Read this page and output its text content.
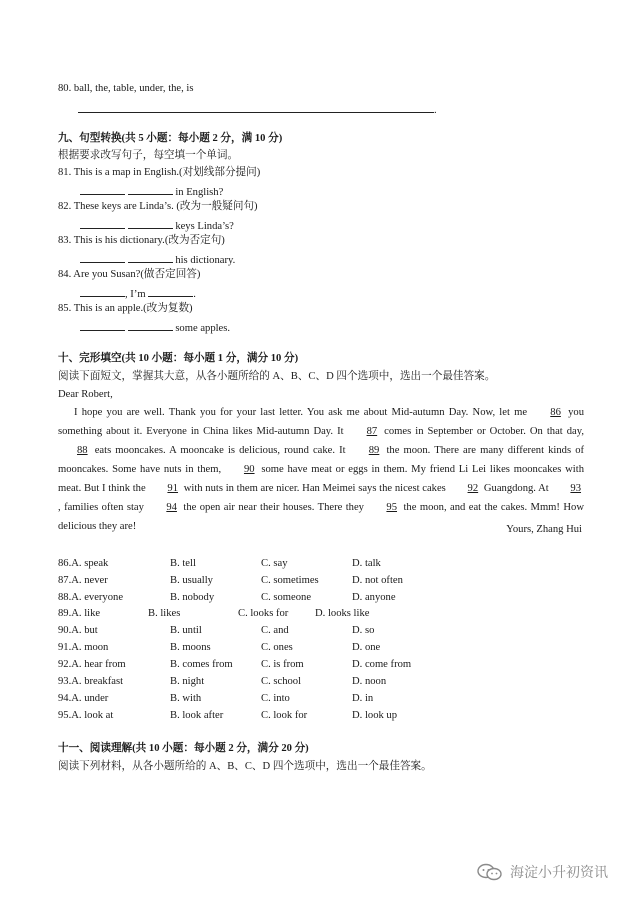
80. ball, the, table, under, the, is
.
九、句型转换(共 5 小题：每小题 2 分，满 10 分)
根据要求改写句子，每空填一个单词。
81. This is a map in English.(对划线部分提问)
in English?
82. These keys are Linda’s. (改为一般疑问句)
keys Linda’s?
83. This is his dictionary.(改为否定句)
his dictionary.
84. Are you Susan?(做否定回答)
, I’m	.
85. This is an apple.(改为复数)
some apples.
十、完形填空(共 10 小题：每小题 1 分，满分 10 分)
阅读下面短文，掌握其大意，从各小题所给的 A、B、C、D 四个选项中，选出一个最佳答案。
Dear Robert,

I hope you are well. Thank you for your last letter. You ask me about Mid-autumn Day. Now, let me 86 you something about it. Everyone in China likes Mid-autumn Day. It 87 comes in September or October. On that day, 88 eats mooncakes. A mooncake is delicious, round cake. It 89 the moon. There are many different kinds of mooncakes. Some have nuts in them, 90 some have meat or eggs in them. My friend Li Lei likes mooncakes with meat. But I think the 91 with nuts in them are nicer. Han Meimei says the nicest cakes 92 Guangdong. At 93, families often stay 94 the open air near their houses. There they 95 the moon, and eat the cakes. Mmm! How delicious they are!	Yours, Zhang Hui
86.A. speak	B. tell	C. say	D. talk
87.A. never	B. usually	C. sometimes	D. not often
88.A. everyone	B. nobody	C. someone	D. anyone
89.A. like	B. likes	C. looks for	D. looks like
90.A. but	B. until	C. and	D. so
91.A. moon	B. moons	C. ones	D. one
92.A. hear from	B. comes from	C. is from	D. come from
93.A. breakfast	B. night	C. school	D. noon
94.A. under	B. with	C. into	D. in
95.A. look at	B. look after	C. look for	D. look up
十一、阅读理解(共 10 小题：每小题 2 分，满分 20 分)
阅读下列材料，从各小题所给的 A、B、C、D 四个选项中，选出一个最佳答案。
海淀小升初资讯
